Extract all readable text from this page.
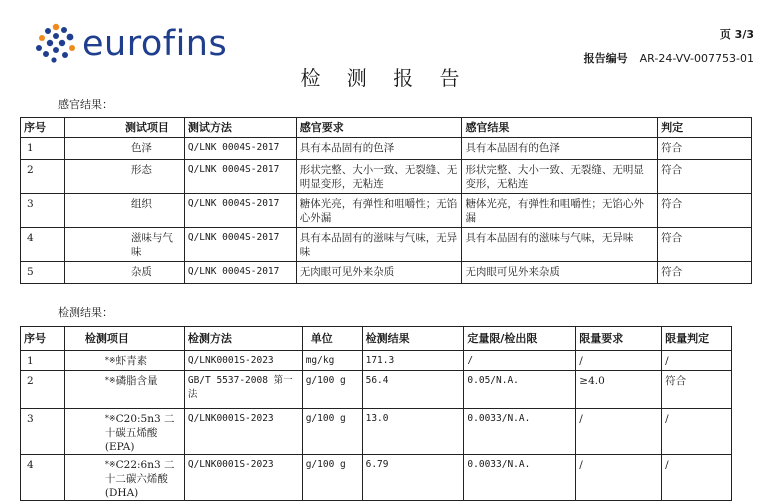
eurofins	页 3/3
报告编号 AR-24-VV-007753-01
检 测 报 告
感官结果：
序号	测试项目	测试方法	感官要求	感官结果	判定
1	色泽	Q/LNK 0004S-2017	具有本品固有的色泽	具有本品固有的色泽	符合
2	形态	Q/LNK 0004S-2017	形状完整、大小一致、无裂缝、无明显变形，无粘连	形状完整、大小一致、无裂缝、无明显变形，无粘连	符合
3	组织	Q/LNK 0004S-2017	糖体光亮，有弹性和咀嚼性；无馅心外漏	糖体光亮，有弹性和咀嚼性；无馅心外漏	符合
4	滋味与气味	Q/LNK 0004S-2017	具有本品固有的滋味与气味，无异味	具有本品固有的滋味与气味，无异味	符合
5	杂质	Q/LNK 0004S-2017	无肉眼可见外来杂质	无肉眼可见外来杂质	符合
检测结果：
序号	检测项目	检测方法	单位	检测结果	定量限/检出限	限量要求	限量判定
1	*※虾青素	Q/LNK0001S-2023	mg/kg	171.3	/	/	/
2	*※磷脂含量	GB/T 5537-2008 第一法	g/100 g	56.4	0.05/N.A.	≥4.0	符合
3	*※C20:5n3 二十碳五烯酸(EPA)	Q/LNK0001S-2023	g/100 g	13.0	0.0033/N.A.	/	/
4	*※C22:6n3 二十二碳六烯酸(DHA)	Q/LNK0001S-2023	g/100 g	6.79	0.0033/N.A.	/	/
